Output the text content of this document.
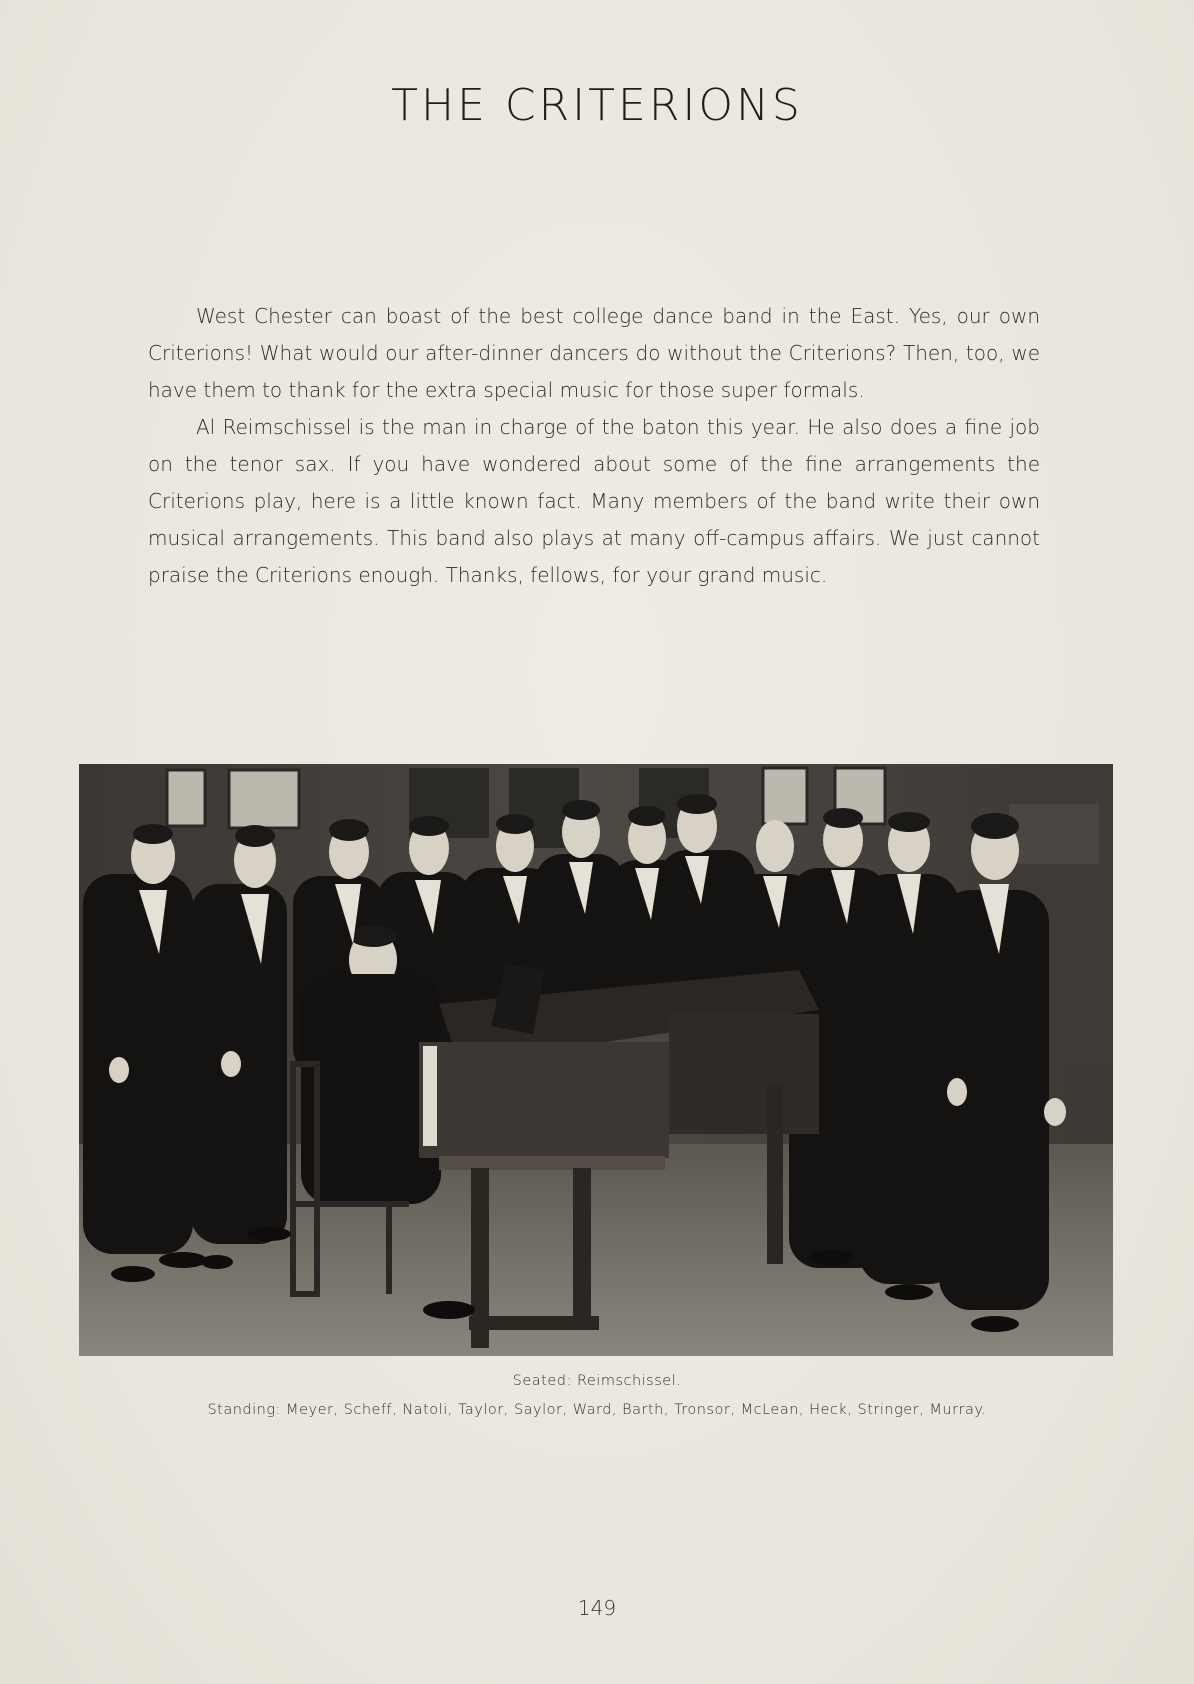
THE CRITERIONS

West Chester can boast of the best college dance band in the East. Yes, our own Criterions! What would our after-dinner dancers do without the Criterions? Then, too, we have them to thank for the extra special music for those super formals.

Al Reimschissel is the man in charge of the baton this year. He also does a fine job on the tenor sax. If you have wondered about some of the fine arrangements the Criterions play, here is a little known fact. Many members of the band write their own musical arrangements. This band also plays at many off-campus affairs. We just cannot praise the Criterions enough. Thanks, fellows, for your grand music.

Seated: Reimschissel.
Standing: Meyer, Scheff, Natoli, Taylor, Saylor, Ward, Barth, Tronsor, McLean, Heck, Stringer, Murray.
149
